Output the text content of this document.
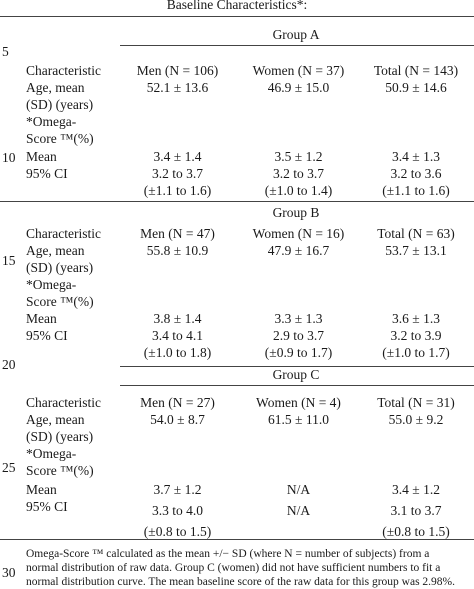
Baseline Characteristics*:
5
10
15
20
25
30
Group A
Characteristic
Age, mean
(SD) (years)
*Omega-
Score ™(%)
Mean
95% CI
Men (N = 106)
52.1 ± 13.6
Women (N = 37)
46.9 ± 15.0
Total (N = 143)
50.9 ± 14.6
3.4 ± 1.4
3.2 to 3.7
(±1.1 to 1.6)
3.5 ± 1.2
3.2 to 3.7
(±1.0 to 1.4)
3.4 ± 1.3
3.2 to 3.6
(±1.1 to 1.6)
Group B
Characteristic
Age, mean
(SD) (years)
*Omega-
Score ™(%)
Mean
95% CI
Men (N = 47)
55.8 ± 10.9
Women (N = 16)
47.9 ± 16.7
Total (N = 63)
53.7 ± 13.1
3.8 ± 1.4
3.4 to 4.1
(±1.0 to 1.8)
3.3 ± 1.3
2.9 to 3.7
(±0.9 to 1.7)
3.6 ± 1.3
3.2 to 3.9
(±1.0 to 1.7)
Group C
Characteristic
Age, mean
(SD) (years)
*Omega-
Score ™(%)
Mean
95% CI
Men (N = 27)
54.0 ± 8.7
Women (N = 4)
61.5 ± 11.0
Total (N = 31)
55.0 ± 9.2
3.7 ± 1.2
3.3 to 4.0
(±0.8 to 1.5)
N/A
N/A
3.4 ± 1.2
3.1 to 3.7
(±0.8 to 1.5)
Omega-Score ™ calculated as the mean +/− SD (where N = number of subjects) from a
normal distribution of raw data. Group C (women) did not have sufficient numbers to fit a
normal distribution curve. The mean baseline score of the raw data for this group was 2.98%.
